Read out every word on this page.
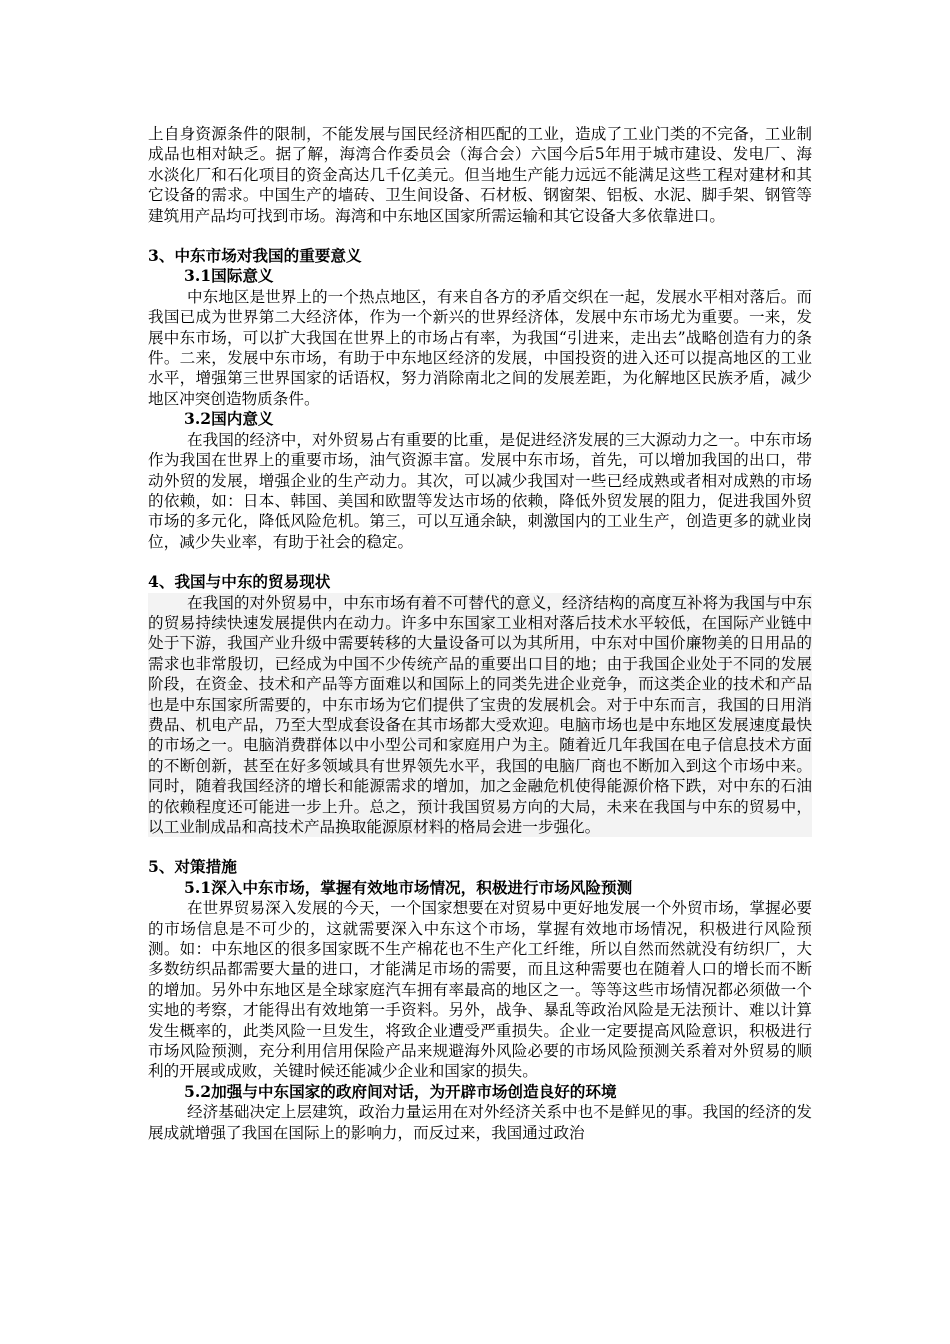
上自身资源条件的限制，不能发展与国民经济相匹配的工业，造成了工业门类的不完备，工业制成品也相对缺乏。据了解，海湾合作委员会（海合会）六国今后5年用于城市建设、发电厂、海水淡化厂和石化项目的资金高达几千亿美元。但当地生产能力远远不能满足这些工程对建材和其它设备的需求。中国生产的墙砖、卫生间设备、石材板、钢窗架、铝板、水泥、脚手架、钢管等建筑用产品均可找到市场。海湾和中东地区国家所需运输和其它设备大多依靠进口。

3、中东市场对我国的重要意义

3.1国际意义

中东地区是世界上的一个热点地区，有来自各方的矛盾交织在一起，发展水平相对落后。而我国已成为世界第二大经济体，作为一个新兴的世界经济体，发展中东市场尤为重要。一来，发展中东市场，可以扩大我国在世界上的市场占有率，为我国“引进来，走出去”战略创造有力的条件。二来，发展中东市场，有助于中东地区经济的发展，中国投资的进入还可以提高地区的工业水平，增强第三世界国家的话语权，努力消除南北之间的发展差距，为化解地区民族矛盾，减少地区冲突创造物质条件。

3.2国内意义

在我国的经济中，对外贸易占有重要的比重，是促进经济发展的三大源动力之一。中东市场作为我国在世界上的重要市场，油气资源丰富。发展中东市场，首先，可以增加我国的出口，带动外贸的发展，增强企业的生产动力。其次，可以减少我国对一些已经成熟或者相对成熟的市场的依赖，如：日本、韩国、美国和欧盟等发达市场的依赖，降低外贸发展的阻力，促进我国外贸市场的多元化，降低风险危机。第三，可以互通余缺，刺激国内的工业生产，创造更多的就业岗位，减少失业率，有助于社会的稳定。

4、我国与中东的贸易现状

在我国的对外贸易中，中东市场有着不可替代的意义，经济结构的高度互补将为我国与中东的贸易持续快速发展提供内在动力。许多中东国家工业相对落后技术水平较低，在国际产业链中处于下游，我国产业升级中需要转移的大量设备可以为其所用，中东对中国价廉物美的日用品的需求也非常殷切，已经成为中国不少传统产品的重要出口目的地；由于我国企业处于不同的发展阶段，在资金、技术和产品等方面难以和国际上的同类先进企业竞争，而这类企业的技术和产品也是中东国家所需要的，中东市场为它们提供了宝贵的发展机会。对于中东而言，我国的日用消费品、机电产品，乃至大型成套设备在其市场都大受欢迎。电脑市场也是中东地区发展速度最快的市场之一。电脑消费群体以中小型公司和家庭用户为主。随着近几年我国在电子信息技术方面的不断创新，甚至在好多领域具有世界领先水平，我国的电脑厂商也不断加入到这个市场中来。同时，随着我国经济的增长和能源需求的增加，加之金融危机使得能源价格下跌，对中东的石油的依赖程度还可能进一步上升。总之，预计我国贸易方向的大局，未来在我国与中东的贸易中，以工业制成品和高技术产品换取能源原材料的格局会进一步强化。

5、对策措施

5.1深入中东市场，掌握有效地市场情况，积极进行市场风险预测

在世界贸易深入发展的今天，一个国家想要在对贸易中更好地发展一个外贸市场，掌握必要的市场信息是不可少的，这就需要深入中东这个市场，掌握有效地市场情况，积极进行风险预测。如：中东地区的很多国家既不生产棉花也不生产化工纤维，所以自然而然就没有纺织厂，大多数纺织品都需要大量的进口，才能满足市场的需要，而且这种需要也在随着人口的增长而不断的增加。另外中东地区是全球家庭汽车拥有率最高的地区之一。等等这些市场情况都必须做一个实地的考察，才能得出有效地第一手资料。另外，战争、暴乱等政治风险是无法预计、难以计算发生概率的，此类风险一旦发生，将致企业遭受严重损失。企业一定要提高风险意识，积极进行市场风险预测，充分利用信用保险产品来规避海外风险必要的市场风险预测关系着对外贸易的顺利的开展或成败，关键时候还能减少企业和国家的损失。

5.2加强与中东国家的政府间对话，为开辟市场创造良好的环境

经济基础决定上层建筑，政治力量运用在对外经济关系中也不是鲜见的事。我国的经济的发展成就增强了我国在国际上的影响力，而反过来，我国通过政治
